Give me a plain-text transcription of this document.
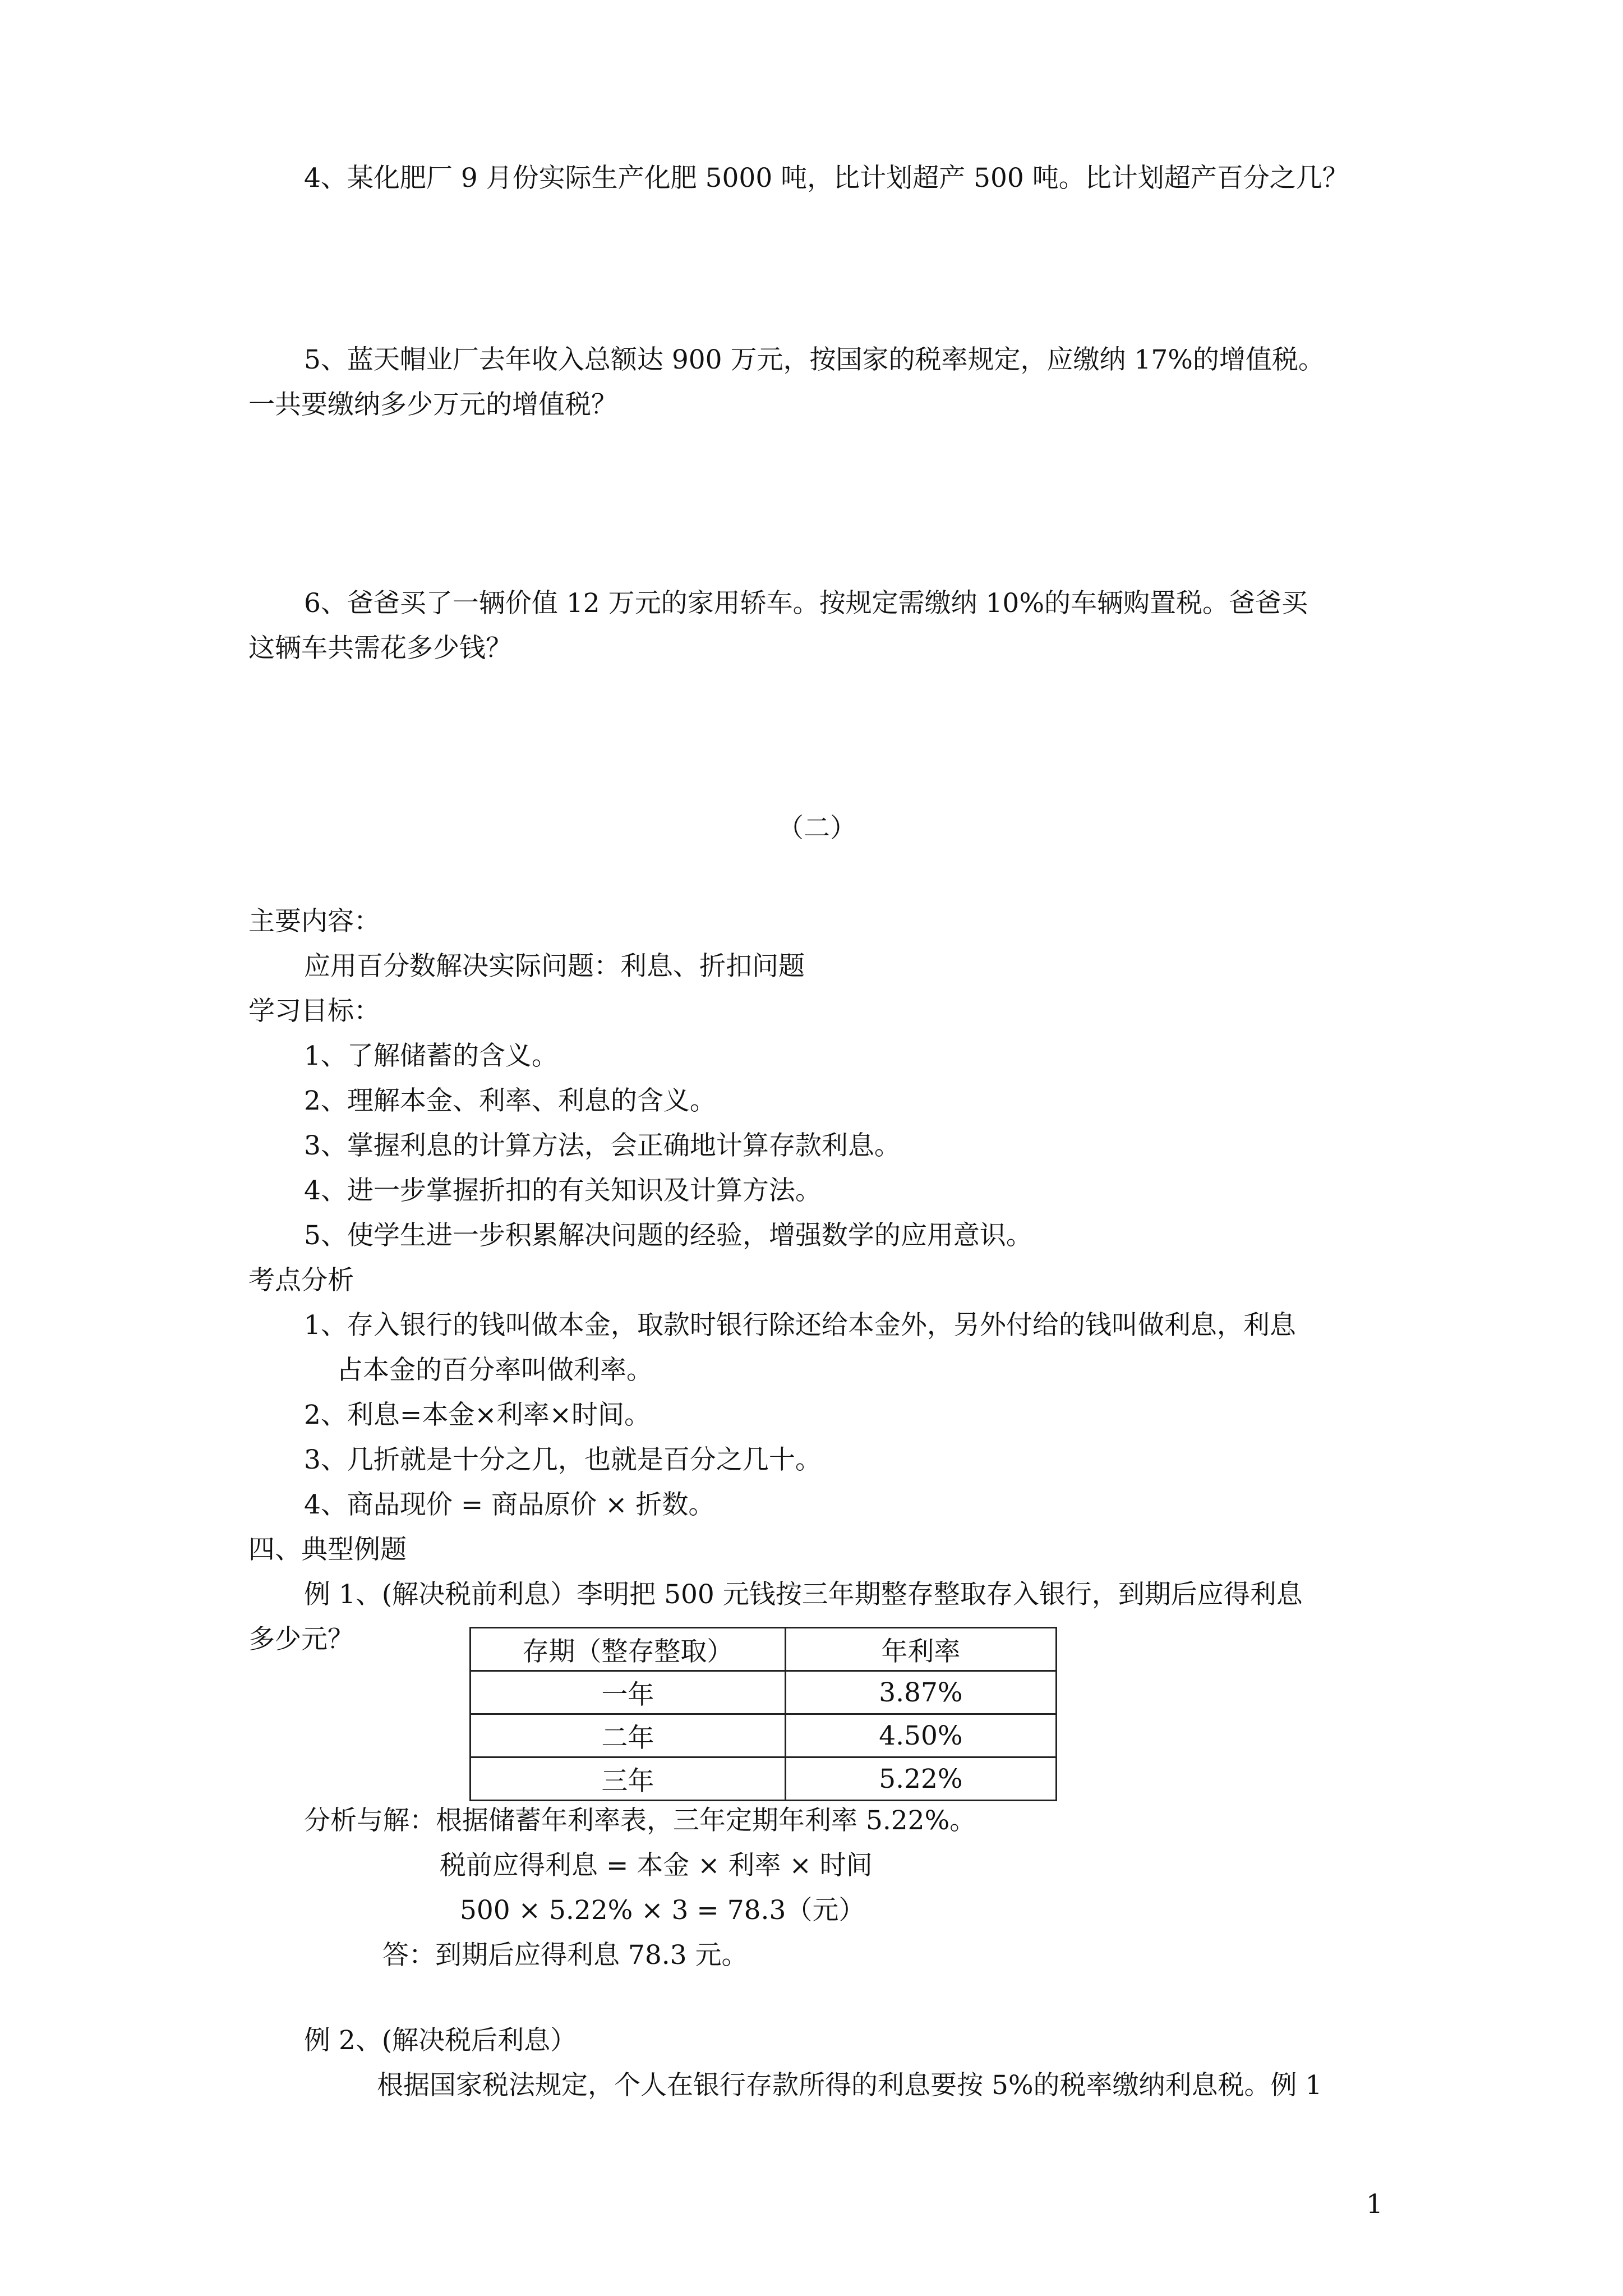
4、某化肥厂 9 月份实际生产化肥 5000 吨，比计划超产 500 吨。比计划超产百分之几？
5、蓝天帽业厂去年收入总额达 900 万元，按国家的税率规定，应缴纳 17%的增值税。
一共要缴纳多少万元的增值税？
6、爸爸买了一辆价值 12 万元的家用轿车。按规定需缴纳 10%的车辆购置税。爸爸买
这辆车共需花多少钱？
（二）
主要内容：
应用百分数解决实际问题：利息、折扣问题
学习目标：
1、了解储蓄的含义。
2、理解本金、利率、利息的含义。
3、掌握利息的计算方法，会正确地计算存款利息。
4、进一步掌握折扣的有关知识及计算方法。
5、使学生进一步积累解决问题的经验，增强数学的应用意识。
考点分析
1、存入银行的钱叫做本金，取款时银行除还给本金外，另外付给的钱叫做利息，利息
占本金的百分率叫做利率。
2、利息=本金×利率×时间。
3、几折就是十分之几，也就是百分之几十。
4、商品现价 = 商品原价 × 折数。
四、典型例题
例 1、(解决税前利息）李明把 500 元钱按三年期整存整取存入银行，到期后应得利息
多少元？	存期（整存整取）	年利率
一年	3.87%
二年	4.50%
三年	5.22%
分析与解：根据储蓄年利率表，三年定期年利率 5.22%。
税前应得利息 = 本金 × 利率 × 时间
500 × 5.22% × 3 = 78.3（元）
答：到期后应得利息 78.3 元。
例 2、(解决税后利息）
根据国家税法规定，个人在银行存款所得的利息要按 5%的税率缴纳利息税。例 1
1
